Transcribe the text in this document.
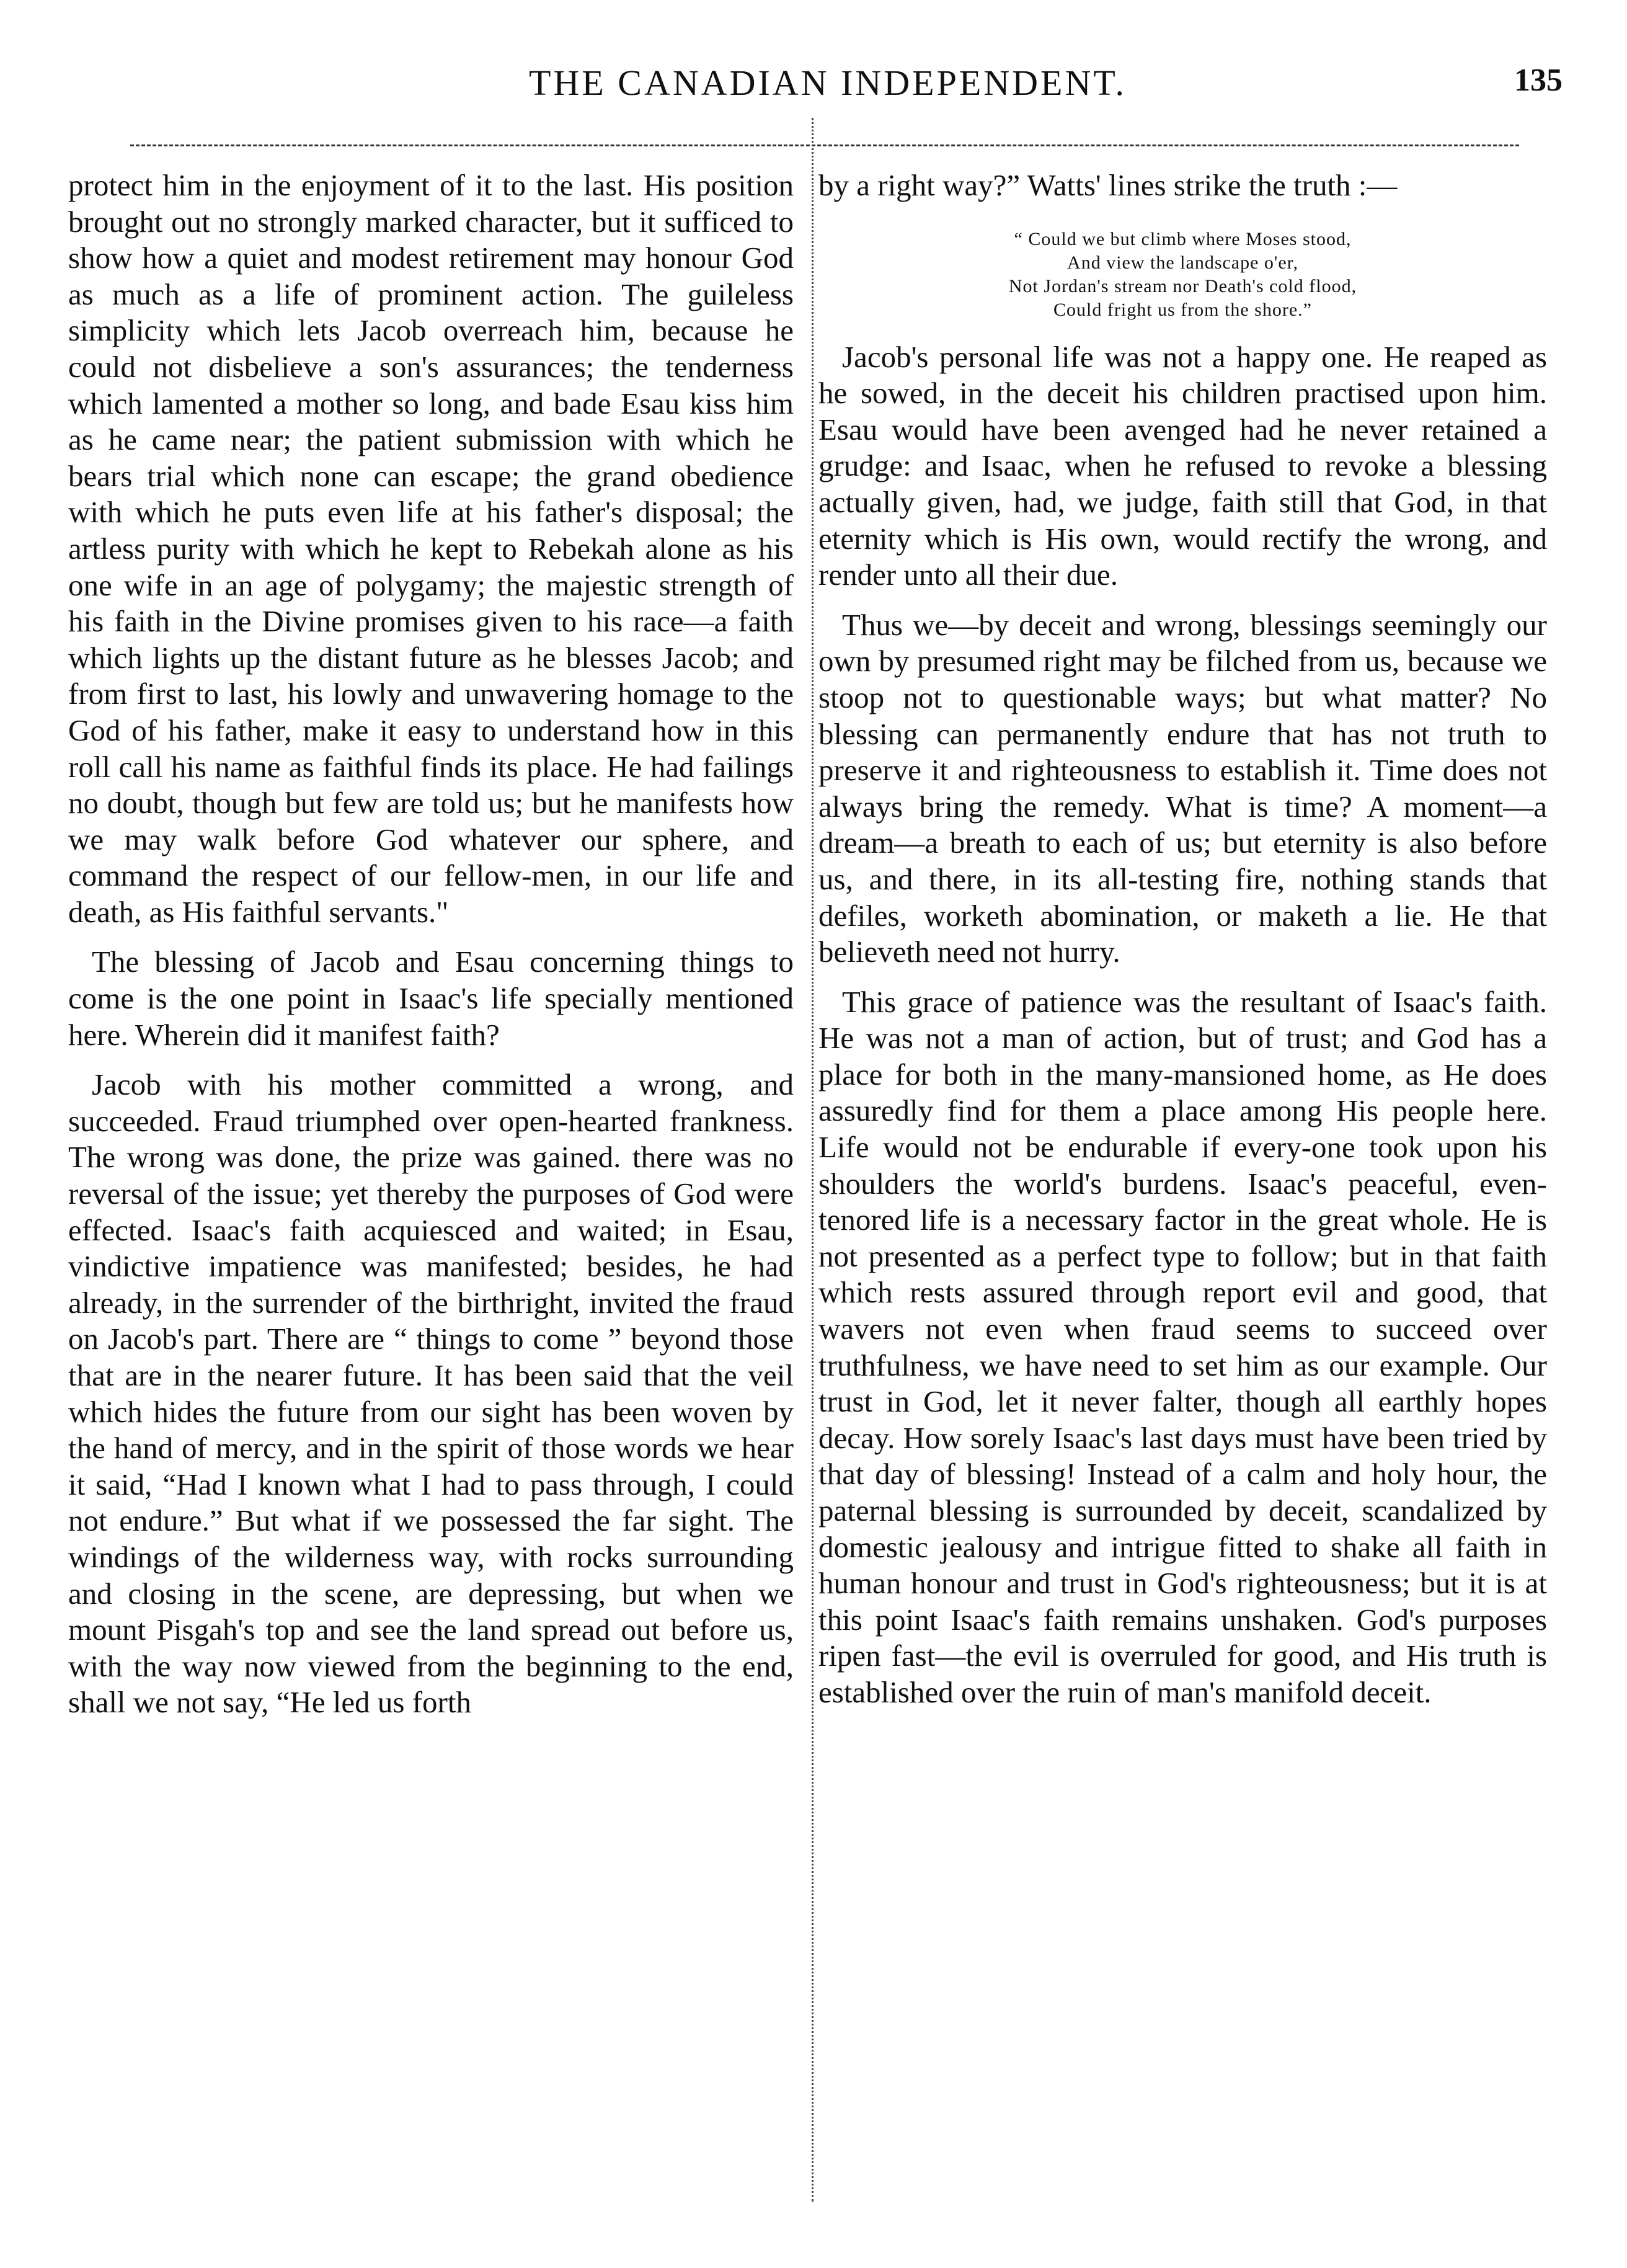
THE CANADIAN INDEPENDENT.	135

protect him in the enjoyment of it to the last. His position brought out no strongly marked character, but it sufficed to show how a quiet and modest retirement may honour God as much as a life of prominent action. The guileless simplicity which lets Jacob overreach him, because he could not disbelieve a son's assurances; the tenderness which lamented a mother so long, and bade Esau kiss him as he came near; the patient submission with which he bears trial which none can escape; the grand obedience with which he puts even life at his father's disposal; the artless purity with which he kept to Rebekah alone as his one wife in an age of polygamy; the majestic strength of his faith in the Divine promises given to his race—a faith which lights up the distant future as he blesses Jacob; and from first to last, his lowly and unwavering homage to the God of his father, make it easy to understand how in this roll call his name as faithful finds its place. He had failings no doubt, though but few are told us; but he manifests how we may walk before God whatever our sphere, and command the respect of our fellow-men, in our life and death, as His faithful servants."

The blessing of Jacob and Esau concerning things to come is the one point in Isaac's life specially mentioned here. Wherein did it manifest faith?

Jacob with his mother committed a wrong, and succeeded. Fraud triumphed over open-hearted frankness. The wrong was done, the prize was gained. there was no reversal of the issue; yet thereby the purposes of God were effected. Isaac's faith acquiesced and waited; in Esau, vindictive impatience was manifested; besides, he had already, in the surrender of the birthright, invited the fraud on Jacob's part. There are “ things to come ” beyond those that are in the nearer future. It has been said that the veil which hides the future from our sight has been woven by the hand of mercy, and in the spirit of those words we hear it said, “Had I known what I had to pass through, I could not endure.” But what if we possessed the far sight. The windings of the wilderness way, with rocks surrounding and closing in the scene, are depressing, but when we mount Pisgah's top and see the land spread out before us, with the way now viewed from the beginning to the end, shall we not say, “He led us forth

by a right way?” Watts' lines strike the truth :—

“ Could we but climb where Moses stood,
And view the landscape o'er,
Not Jordan's stream nor Death's cold flood,
Could fright us from the shore.”

Jacob's personal life was not a happy one. He reaped as he sowed, in the deceit his children practised upon him. Esau would have been avenged had he never retained a grudge: and Isaac, when he refused to revoke a blessing actually given, had, we judge, faith still that God, in that eternity which is His own, would rectify the wrong, and render unto all their due.

Thus we—by deceit and wrong, blessings seemingly our own by presumed right may be filched from us, because we stoop not to questionable ways; but what matter? No blessing can permanently endure that has not truth to preserve it and righteousness to establish it. Time does not always bring the remedy. What is time? A moment—a dream—a breath to each of us; but eternity is also before us, and there, in its all-testing fire, nothing stands that defiles, worketh abomination, or maketh a lie. He that believeth need not hurry.

This grace of patience was the resultant of Isaac's faith. He was not a man of action, but of trust; and God has a place for both in the many-mansioned home, as He does assuredly find for them a place among His people here. Life would not be endurable if every-one took upon his shoulders the world's burdens. Isaac's peaceful, even-tenored life is a necessary factor in the great whole. He is not presented as a perfect type to follow; but in that faith which rests assured through report evil and good, that wavers not even when fraud seems to succeed over truthfulness, we have need to set him as our example. Our trust in God, let it never falter, though all earthly hopes decay. How sorely Isaac's last days must have been tried by that day of blessing! Instead of a calm and holy hour, the paternal blessing is surrounded by deceit, scandalized by domestic jealousy and intrigue fitted to shake all faith in human honour and trust in God's righteousness; but it is at this point Isaac's faith remains unshaken. God's purposes ripen fast—the evil is overruled for good, and His truth is established over the ruin of man's manifold deceit.
